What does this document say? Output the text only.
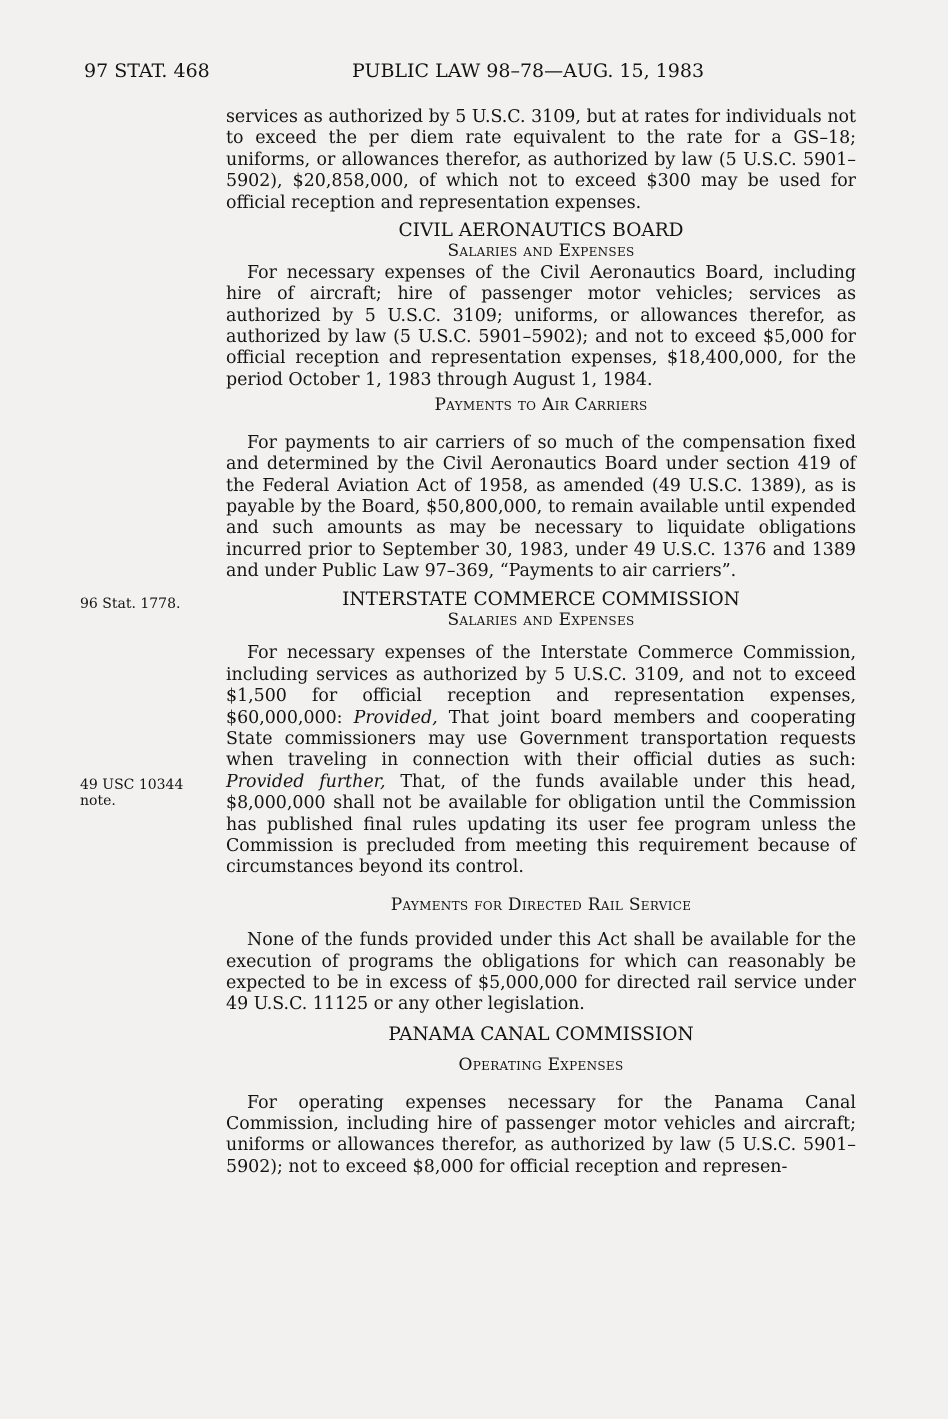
97 STAT. 468	PUBLIC LAW 98–78—AUG. 15, 1983
96 Stat. 1778.
49 USC 10344
note.

services as authorized by 5 U.S.C. 3109, but at rates for individuals not to exceed the per diem rate equivalent to the rate for a GS–18; uniforms, or allowances therefor, as authorized by law (5 U.S.C. 5901–5902), $20,858,000, of which not to exceed $300 may be used for official reception and representation expenses.

CIVIL AERONAUTICS BOARD
Salaries and Expenses

For necessary expenses of the Civil Aeronautics Board, including hire of aircraft; hire of passenger motor vehicles; services as authorized by 5 U.S.C. 3109; uniforms, or allowances therefor, as authorized by law (5 U.S.C. 5901–5902); and not to exceed $5,000 for official reception and representation expenses, $18,400,000, for the period October 1, 1983 through August 1, 1984.

Payments to Air Carriers

For payments to air carriers of so much of the compensation fixed and determined by the Civil Aeronautics Board under section 419 of the Federal Aviation Act of 1958, as amended (49 U.S.C. 1389), as is payable by the Board, $50,800,000, to remain available until expended and such amounts as may be necessary to liquidate obligations incurred prior to September 30, 1983, under 49 U.S.C. 1376 and 1389 and under Public Law 97–369, “Payments to air carriers”.

INTERSTATE COMMERCE COMMISSION
Salaries and Expenses

For necessary expenses of the Interstate Commerce Commission, including services as authorized by 5 U.S.C. 3109, and not to exceed $1,500 for official reception and representation expenses, $60,000,000: Provided, That joint board members and cooperating State commissioners may use Government transportation requests when traveling in connection with their official duties as such: Provided further, That, of the funds available under this head, $8,000,000 shall not be available for obligation until the Commission has published final rules updating its user fee program unless the Commission is precluded from meeting this requirement because of circumstances beyond its control.

Payments for Directed Rail Service

None of the funds provided under this Act shall be available for the execution of programs the obligations for which can reasonably be expected to be in excess of $5,000,000 for directed rail service under 49 U.S.C. 11125 or any other legislation.

PANAMA CANAL COMMISSION
Operating Expenses

For operating expenses necessary for the Panama Canal Commission, including hire of passenger motor vehicles and aircraft; uniforms or allowances therefor, as authorized by law (5 U.S.C. 5901–5902); not to exceed $8,000 for official reception and represen-
